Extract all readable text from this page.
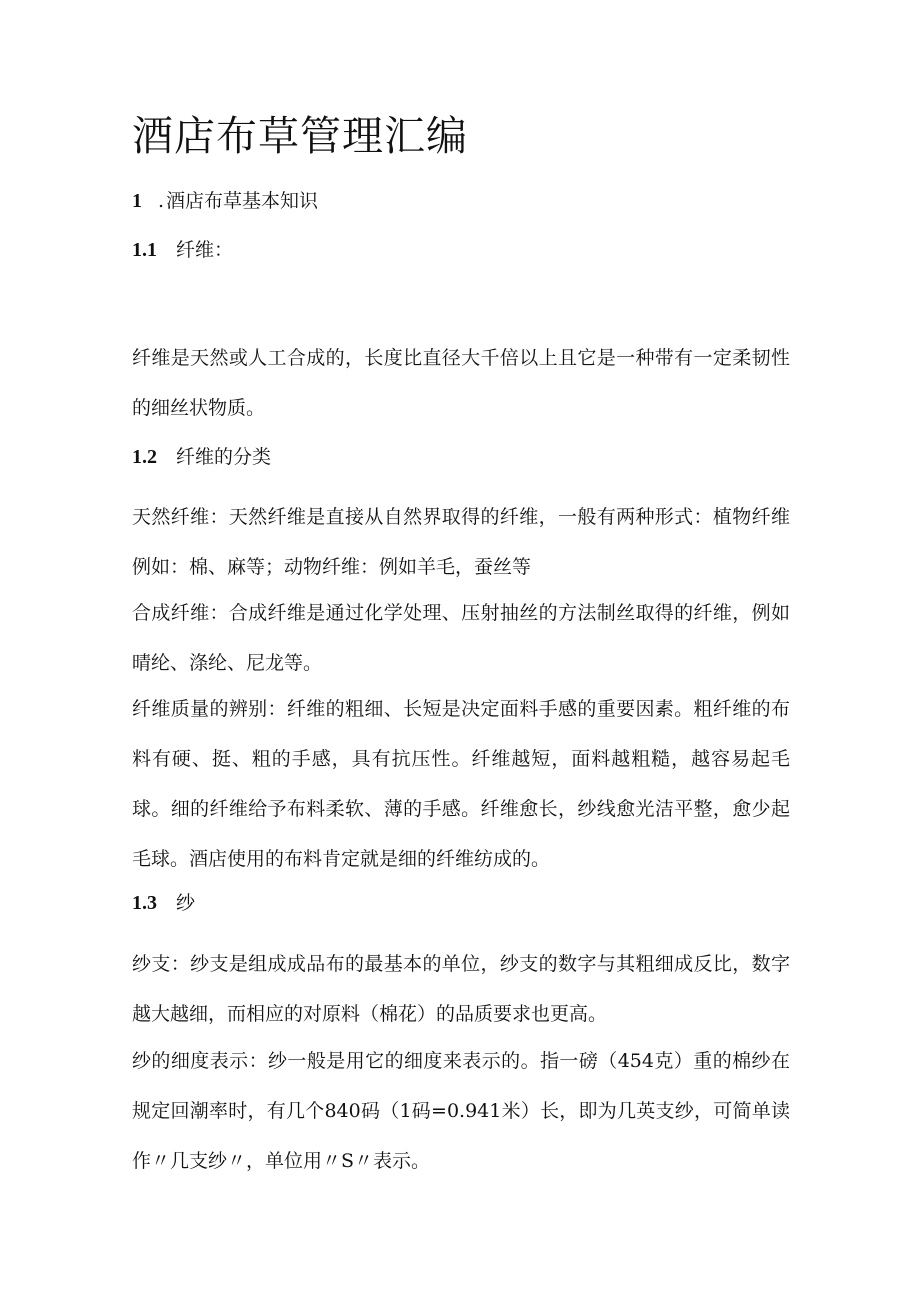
酒店布草管理汇编
1 . 酒店布草基本知识
1.1 纤维：

纤维是天然或人工合成的，长度比直径大千倍以上且它是一种带有一定柔韧性的细丝状物质。

1.2 纤维的分类

天然纤维：天然纤维是直接从自然界取得的纤维，一般有两种形式：植物纤维例如：棉、麻等；动物纤维：例如羊毛，蚕丝等

合成纤维：合成纤维是通过化学处理、压射抽丝的方法制丝取得的纤维，例如晴纶、涤纶、尼龙等。

纤维质量的辨别：纤维的粗细、长短是决定面料手感的重要因素。粗纤维的布料有硬、挺、粗的手感，具有抗压性。纤维越短，面料越粗糙，越容易起毛球。细的纤维给予布料柔软、薄的手感。纤维愈长，纱线愈光洁平整，愈少起毛球。酒店使用的布料肯定就是细的纤维纺成的。

1.3 纱

纱支：纱支是组成成品布的最基本的单位，纱支的数字与其粗细成反比，数字越大越细，而相应的对原料（棉花）的品质要求也更高。

纱的细度表示：纱一般是用它的细度来表示的。指一磅（454克）重的棉纱在规定回潮率时，有几个840码（1码=0.941米）长，即为几英支纱，可简单读作〃几支纱〃，单位用〃S〃表示。
